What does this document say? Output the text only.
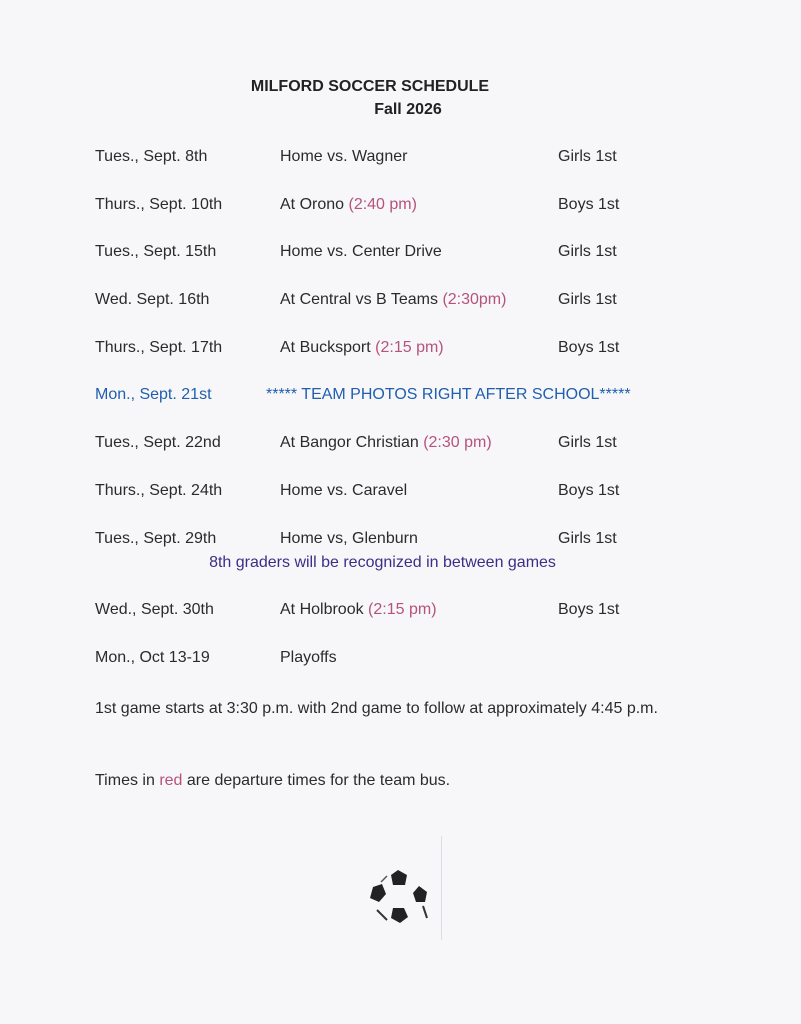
MILFORD SOCCER SCHEDULE
Fall 2026
Tues., Sept. 8th	Home vs. Wagner	Girls 1st
Thurs., Sept. 10th	At Orono (2:40 pm)	Boys 1st
Tues., Sept. 15th	Home vs. Center Drive	Girls 1st
Wed. Sept. 16th	At Central vs B Teams (2:30pm)	Girls 1st
Thurs., Sept. 17th	At Bucksport (2:15 pm)	Boys 1st
Mon., Sept. 21st	***** TEAM PHOTOS RIGHT AFTER SCHOOL*****
Tues., Sept. 22nd	At Bangor Christian (2:30 pm)	Girls 1st
Thurs., Sept. 24th	Home vs. Caravel	Boys 1st
Tues., Sept. 29th	Home vs, Glenburn	Girls 1st
8th graders will be recognized in between games
Wed., Sept. 30th	At Holbrook (2:15 pm)	Boys 1st
Mon., Oct 13-19	Playoffs
1st game starts at 3:30 p.m. with 2nd game to follow at approximately 4:45 p.m.
Times in red are departure times for the team bus.
